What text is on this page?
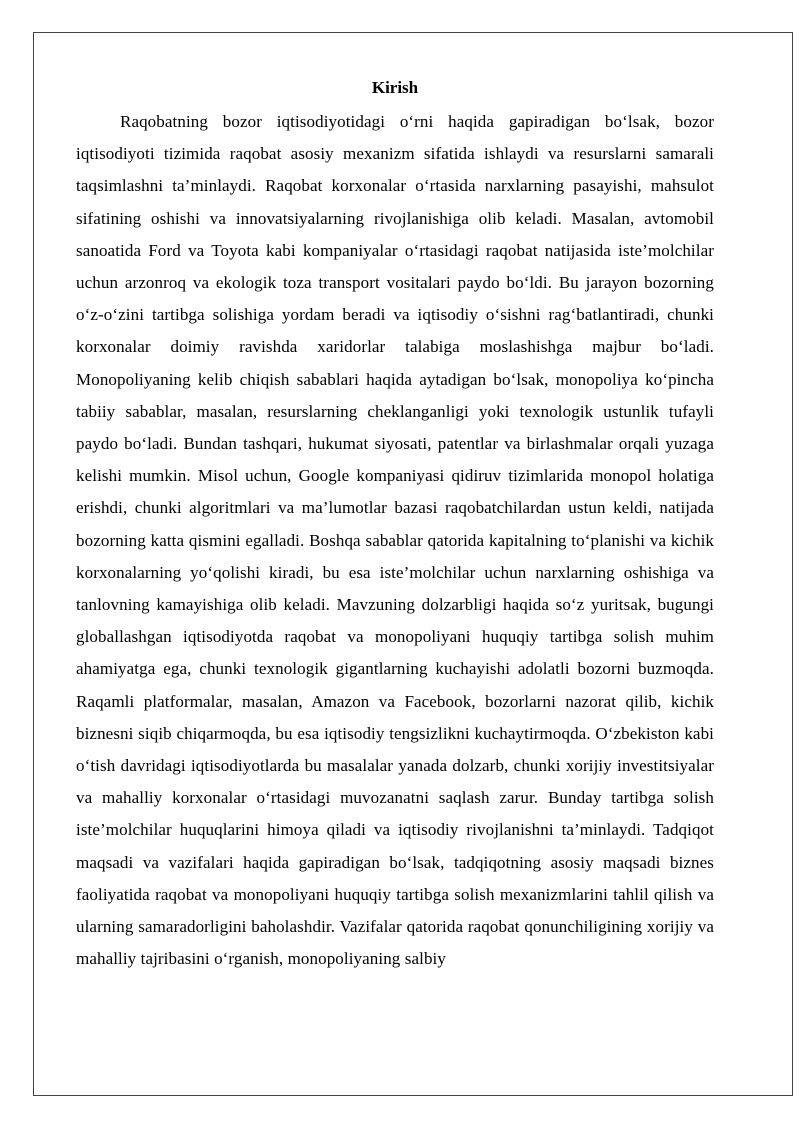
Kirish

Raqobatning bozor iqtisodiyotidagi o‘rni haqida gapiradigan bo‘lsak, bozor iqtisodiyoti tizimida raqobat asosiy mexanizm sifatida ishlaydi va resurslarni samarali taqsimlashni ta’minlaydi. Raqobat korxonalar o‘rtasida narxlarning pasayishi, mahsulot sifatining oshishi va innovatsiyalarning rivojlanishiga olib keladi. Masalan, avtomobil sanoatida Ford va Toyota kabi kompaniyalar o‘rtasidagi raqobat natijasida iste’molchilar uchun arzonroq va ekologik toza transport vositalari paydo bo‘ldi. Bu jarayon bozorning o‘z-o‘zini tartibga solishiga yordam beradi va iqtisodiy o‘sishni rag‘batlantiradi, chunki korxonalar doimiy ravishda xaridorlar talabiga moslashishga majbur bo‘ladi. Monopoliyaning kelib chiqish sabablari haqida aytadigan bo‘lsak, monopoliya ko‘pincha tabiiy sabablar, masalan, resurslarning cheklanganligi yoki texnologik ustunlik tufayli paydo bo‘ladi. Bundan tashqari, hukumat siyosati, patentlar va birlashmalar orqali yuzaga kelishi mumkin. Misol uchun, Google kompaniyasi qidiruv tizimlarida monopol holatiga erishdi, chunki algoritmlari va ma’lumotlar bazasi raqobatchilardan ustun keldi, natijada bozorning katta qismini egalladi. Boshqa sabablar qatorida kapitalning to‘planishi va kichik korxonalarning yo‘qolishi kiradi, bu esa iste’molchilar uchun narxlarning oshishiga va tanlovning kamayishiga olib keladi. Mavzuning dolzarbligi haqida so‘z yuritsak, bugungi globallashgan iqtisodiyotda raqobat va monopoliyani huquqiy tartibga solish muhim ahamiyatga ega, chunki texnologik gigantlarning kuchayishi adolatli bozorni buzmoqda. Raqamli platformalar, masalan, Amazon va Facebook, bozorlarni nazorat qilib, kichik biznesni siqib chiqarmoqda, bu esa iqtisodiy tengsizlikni kuchaytirmoqda. O‘zbekiston kabi o‘tish davridagi iqtisodiyotlarda bu masalalar yanada dolzarb, chunki xorijiy investitsiyalar va mahalliy korxonalar o‘rtasidagi muvozanatni saqlash zarur. Bunday tartibga solish iste’molchilar huquqlarini himoya qiladi va iqtisodiy rivojlanishni ta’minlaydi. Tadqiqot maqsadi va vazifalari haqida gapiradigan bo‘lsak, tadqiqotning asosiy maqsadi biznes faoliyatida raqobat va monopoliyani huquqiy tartibga solish mexanizmlarini tahlil qilish va ularning samaradorligini baholashdir. Vazifalar qatorida raqobat qonunchiligining xorijiy va mahalliy tajribasini o‘rganish, monopoliyaning salbiy
